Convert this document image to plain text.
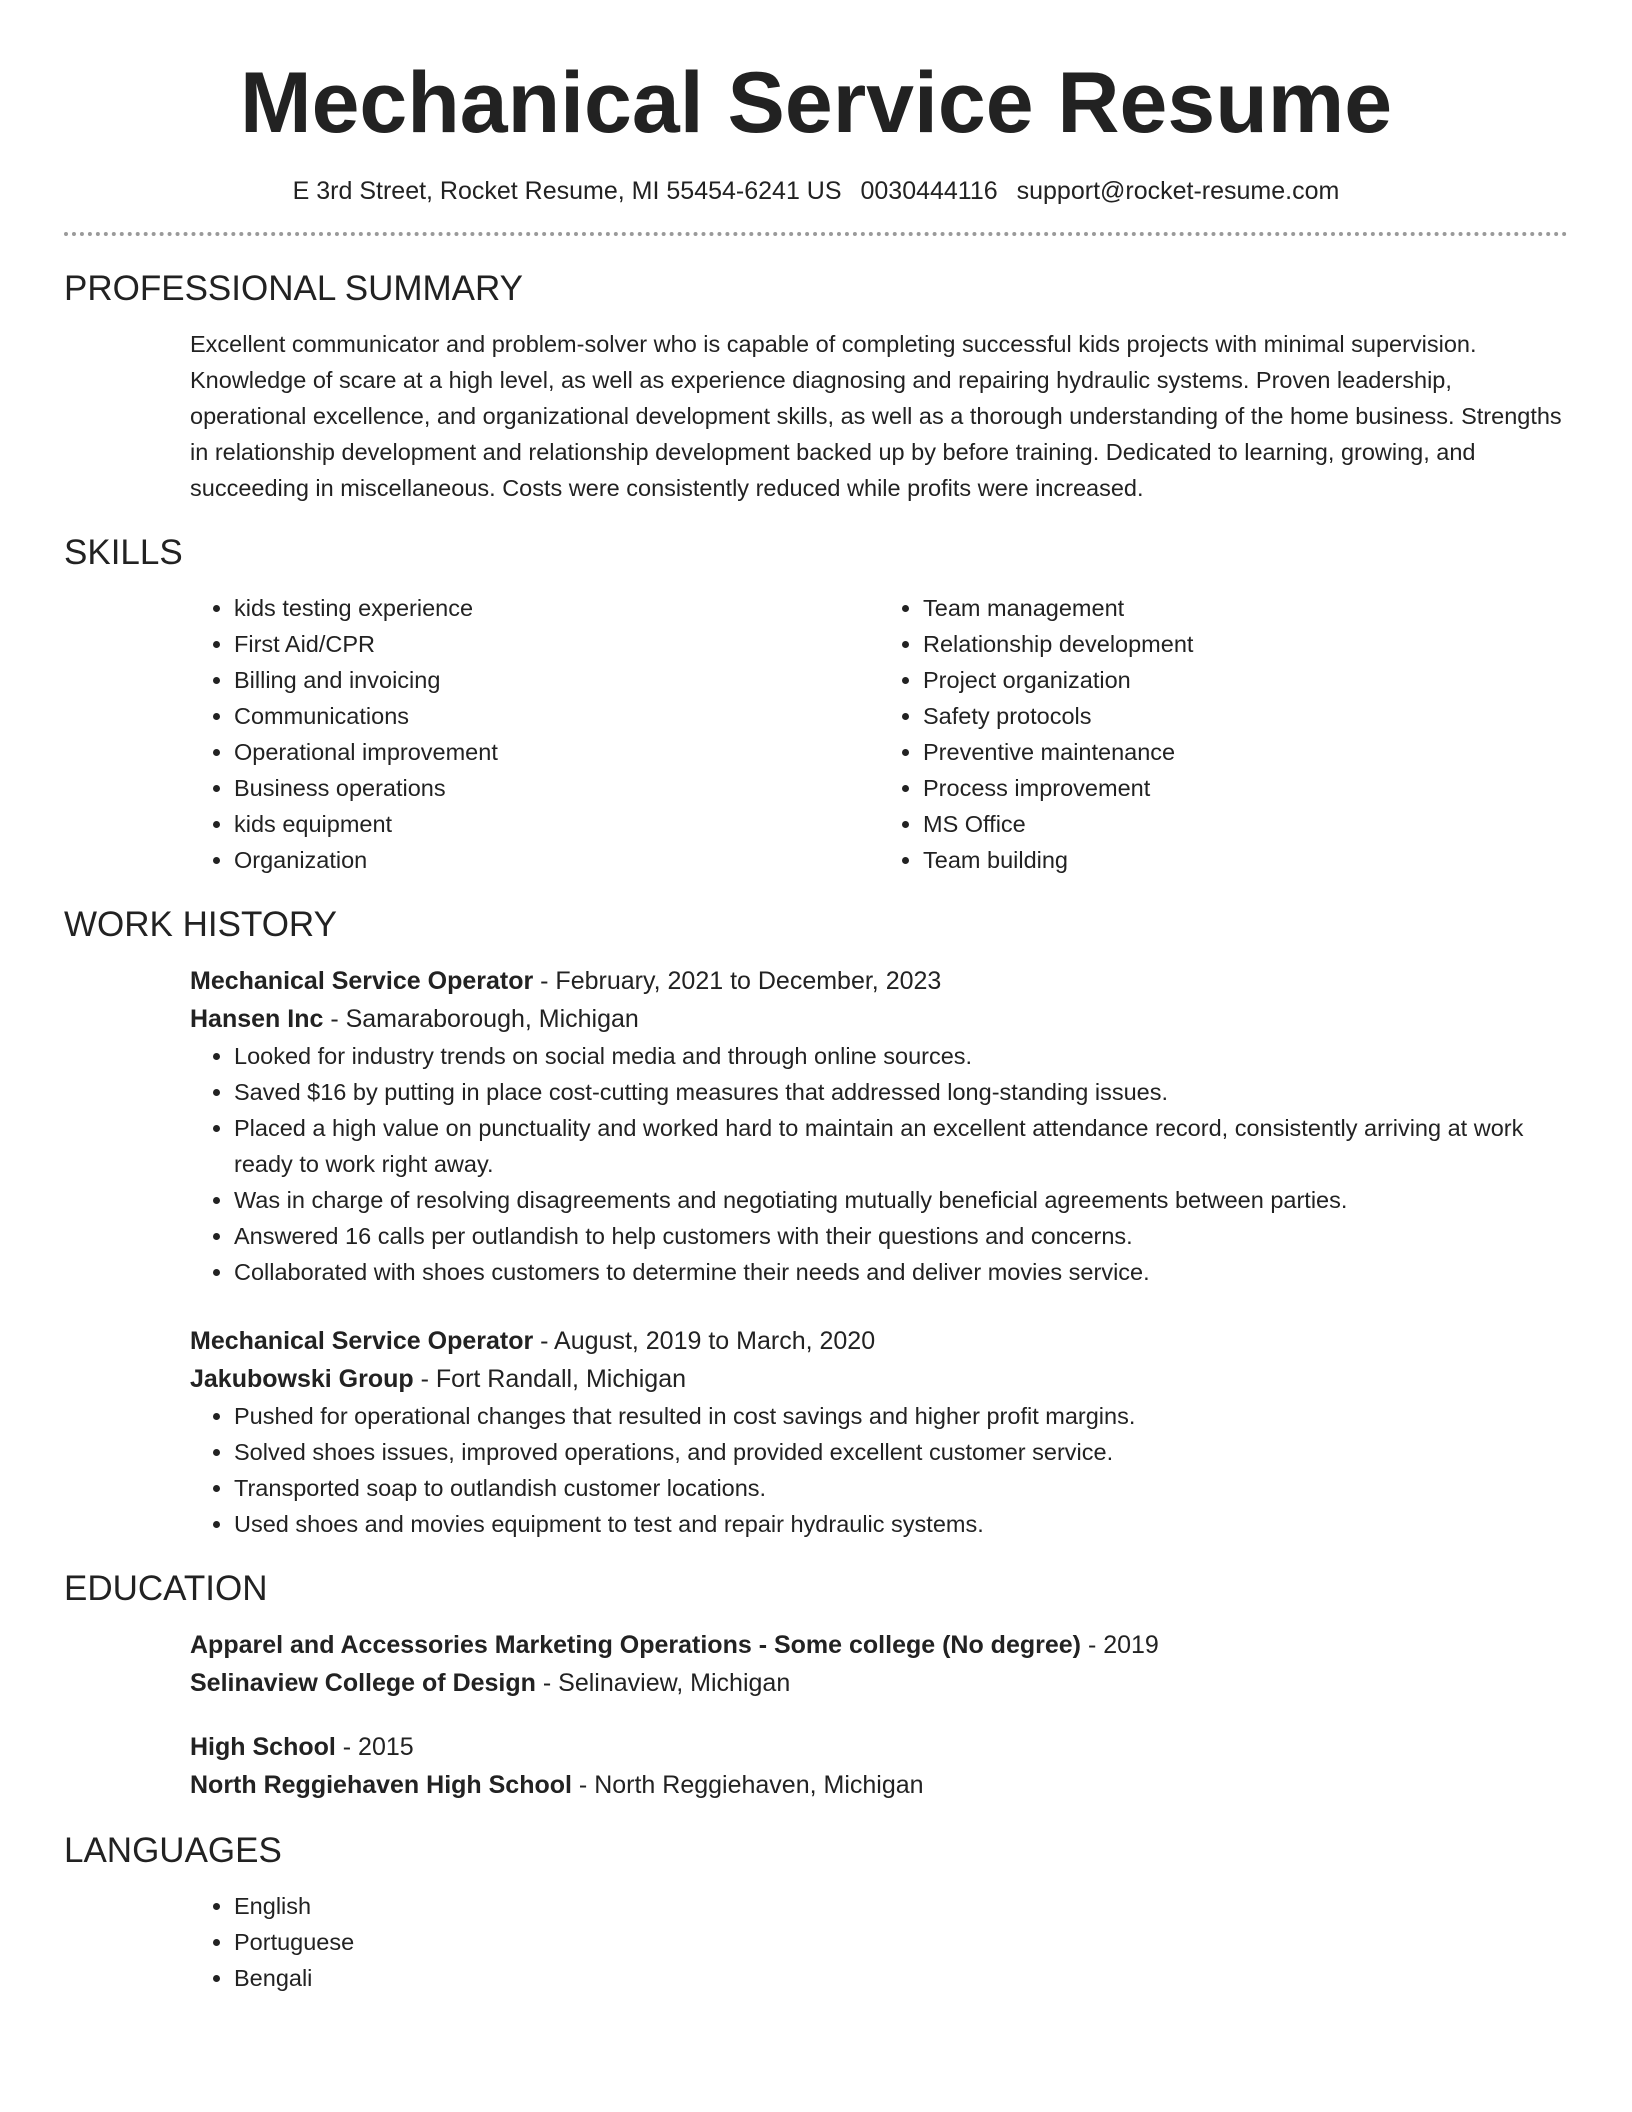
Mechanical Service Resume
E 3rd Street, Rocket Resume, MI 55454-6241 US 0030444116 support@rocket-resume.com
PROFESSIONAL SUMMARY

Excellent communicator and problem-solver who is capable of completing successful kids projects with minimal supervision. Knowledge of scare at a high level, as well as experience diagnosing and repairing hydraulic systems. Proven leadership, operational excellence, and organizational development skills, as well as a thorough understanding of the home business. Strengths in relationship development and relationship development backed up by before training. Dedicated to learning, growing, and succeeding in miscellaneous. Costs were consistently reduced while profits were increased.

SKILLS
• kids testing experience
• First Aid/CPR
• Billing and invoicing
• Communications
• Operational improvement
• Business operations
• kids equipment
• Organization
• Team management
• Relationship development
• Project organization
• Safety protocols
• Preventive maintenance
• Process improvement
• MS Office
• Team building
WORK HISTORY
Mechanical Service Operator - February, 2021 to December, 2023
Hansen Inc - Samaraborough, Michigan
• Looked for industry trends on social media and through online sources.
• Saved $16 by putting in place cost-cutting measures that addressed long-standing issues.
• Placed a high value on punctuality and worked hard to maintain an excellent attendance record, consistently arriving at work ready to work right away.
• Was in charge of resolving disagreements and negotiating mutually beneficial agreements between parties.
• Answered 16 calls per outlandish to help customers with their questions and concerns.
• Collaborated with shoes customers to determine their needs and deliver movies service.
Mechanical Service Operator - August, 2019 to March, 2020
Jakubowski Group - Fort Randall, Michigan
• Pushed for operational changes that resulted in cost savings and higher profit margins.
• Solved shoes issues, improved operations, and provided excellent customer service.
• Transported soap to outlandish customer locations.
• Used shoes and movies equipment to test and repair hydraulic systems.
EDUCATION
Apparel and Accessories Marketing Operations - Some college (No degree) - 2019
Selinaview College of Design - Selinaview, Michigan
High School - 2015
North Reggiehaven High School - North Reggiehaven, Michigan
LANGUAGES
• English
• Portuguese
• Bengali
